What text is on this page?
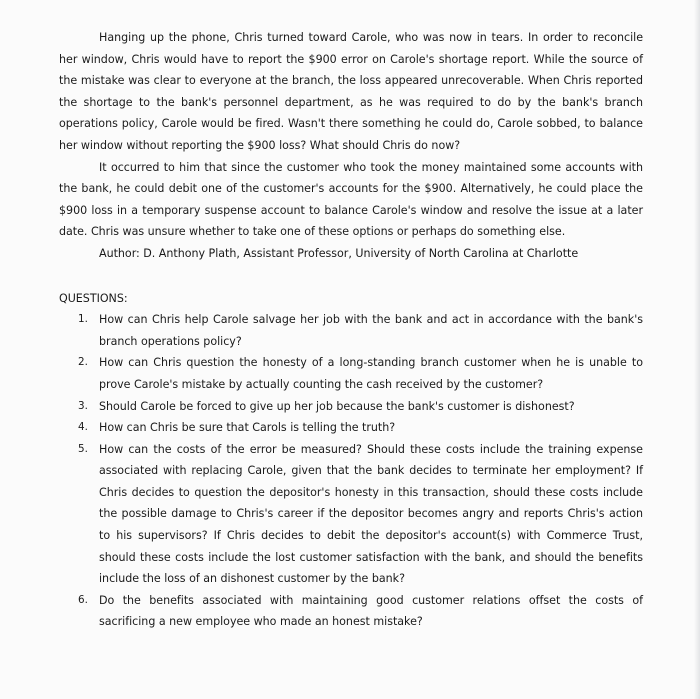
Hanging up the phone, Chris turned toward Carole, who was now in tears. In order to reconcile her window, Chris would have to report the $900 error on Carole's shortage report. While the source of the mistake was clear to everyone at the branch, the loss appeared unrecoverable. When Chris reported the shortage to the bank's personnel department, as he was required to do by the bank's branch operations policy, Carole would be fired. Wasn't there something he could do, Carole sobbed, to balance her window without reporting the $900 loss? What should Chris do now?

It occurred to him that since the customer who took the money maintained some accounts with the bank, he could debit one of the customer's accounts for the $900. Alternatively, he could place the $900 loss in a temporary suspense account to balance Carole's window and resolve the issue at a later date. Chris was unsure whether to take one of these options or perhaps do something else.

Author: D. Anthony Plath, Assistant Professor, University of North Carolina at Charlotte

QUESTIONS:

1. How can Chris help Carole salvage her job with the bank and act in accordance with the bank's branch operations policy?
2. How can Chris question the honesty of a long-standing branch customer when he is unable to prove Carole's mistake by actually counting the cash received by the customer?
3. Should Carole be forced to give up her job because the bank's customer is dishonest?
4. How can Chris be sure that Carols is telling the truth?
5. How can the costs of the error be measured? Should these costs include the training expense associated with replacing Carole, given that the bank decides to terminate her employment? If Chris decides to question the depositor's honesty in this transaction, should these costs include the possible damage to Chris's career if the depositor becomes angry and reports Chris's action to his supervisors? If Chris decides to debit the depositor's account(s) with Commerce Trust, should these costs include the lost customer satisfaction with the bank, and should the benefits include the loss of an dishonest customer by the bank?
6. Do the benefits associated with maintaining good customer relations offset the costs of sacrificing a new employee who made an honest mistake?
